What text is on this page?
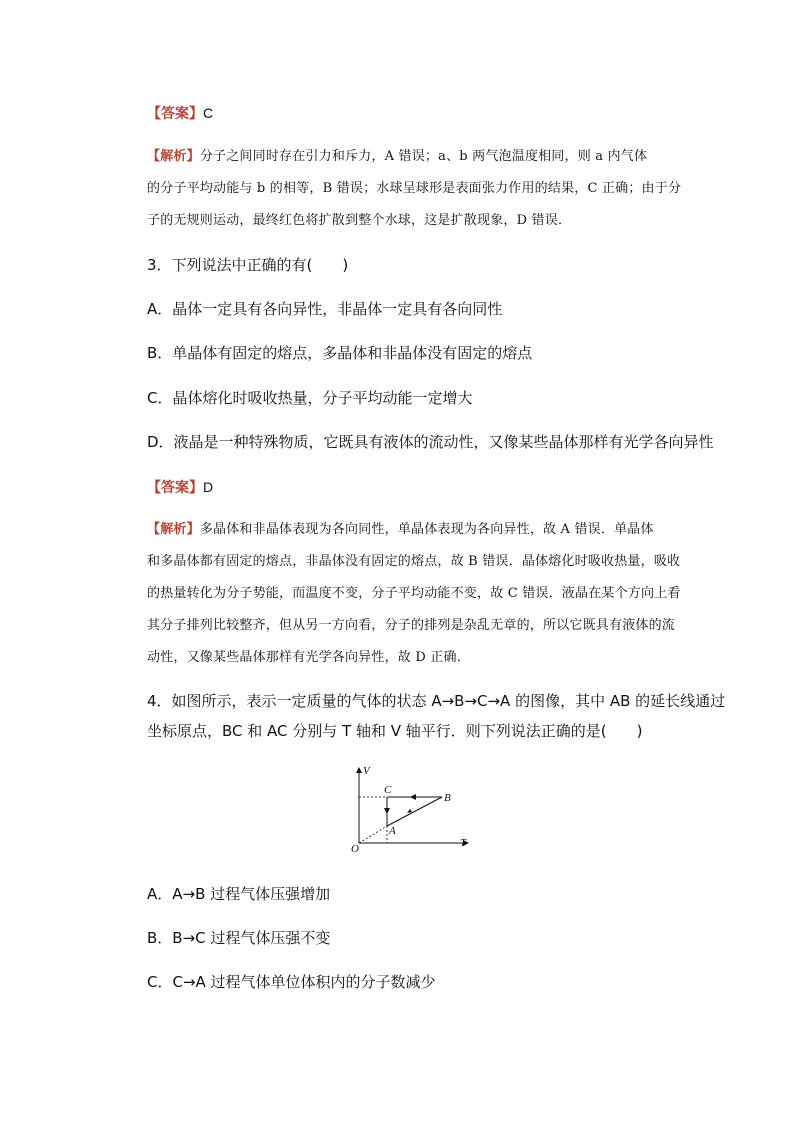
【答案】C
【解析】分子之间同时存在引力和斥力，A 错误；a、b 两气泡温度相同，则 a 内气体
的分子平均动能与 b 的相等，B 错误；水球呈球形是表面张力作用的结果，C 正确；由于分
子的无规则运动，最终红色将扩散到整个水球，这是扩散现象，D 错误．
3．下列说法中正确的有(　　)
A．晶体一定具有各向异性，非晶体一定具有各向同性
B．单晶体有固定的熔点，多晶体和非晶体没有固定的熔点
C．晶体熔化时吸收热量，分子平均动能一定增大
D．液晶是一种特殊物质，它既具有液体的流动性，又像某些晶体那样有光学各向异性
【答案】D
【解析】多晶体和非晶体表现为各向同性，单晶体表现为各向异性，故 A 错误．单晶体
和多晶体都有固定的熔点，非晶体没有固定的熔点，故 B 错误．晶体熔化时吸收热量，吸收
的热量转化为分子势能，而温度不变，分子平均动能不变，故 C 错误．液晶在某个方向上看
其分子排列比较整齐，但从另一方向看，分子的排列是杂乱无章的，所以它既具有液体的流
动性，又像某些晶体那样有光学各向异性，故 D 正确．
4．如图所示，表示一定质量的气体的状态 A→B→C→A 的图像，其中 AB 的延长线通过
坐标原点，BC 和 AC 分别与 T 轴和 V 轴平行．则下列说法正确的是(　　)
V
T
O
A
B
C
A．A→B 过程气体压强增加
B．B→C 过程气体压强不变
C．C→A 过程气体单位体积内的分子数减少
